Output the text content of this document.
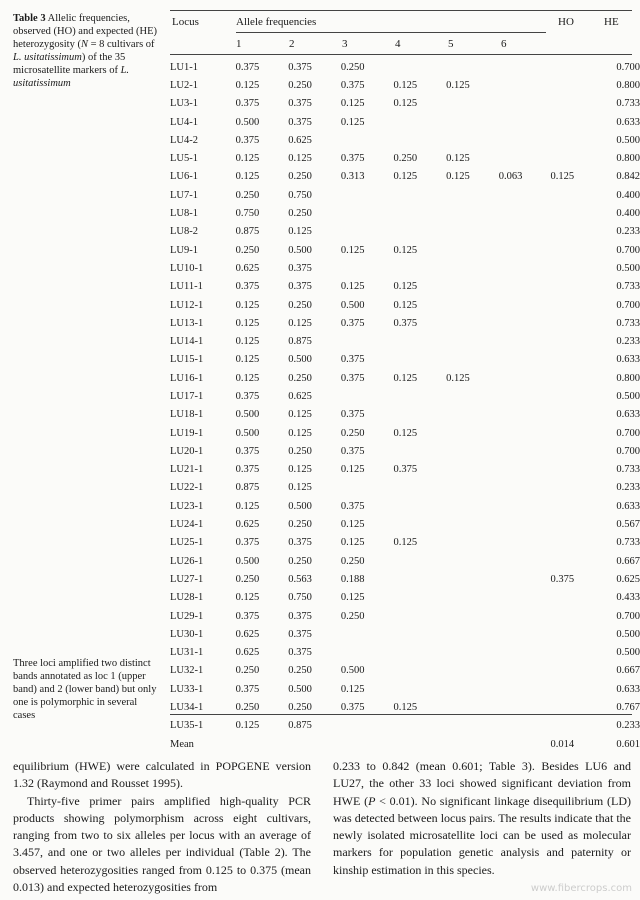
Table 3 Allelic frequencies, observed (HO) and expected (HE) heterozygosity (N = 8 cultivars of L. usitatissimum) of the 35 microsatellite markers of L. usitatissimum
Locus	Allele frequencies	HO	HE
1	2	3	4	5	6
LU1-1	0.375	0.375	0.250					0.700
LU2-1	0.125	0.250	0.375	0.125	0.125			0.800
LU3-1	0.375	0.375	0.125	0.125				0.733
LU4-1	0.500	0.375	0.125					0.633
LU4-2	0.375	0.625						0.500
LU5-1	0.125	0.125	0.375	0.250	0.125			0.800
LU6-1	0.125	0.250	0.313	0.125	0.125	0.063	0.125	0.842
LU7-1	0.250	0.750						0.400
LU8-1	0.750	0.250						0.400
LU8-2	0.875	0.125						0.233
LU9-1	0.250	0.500	0.125	0.125				0.700
LU10-1	0.625	0.375						0.500
LU11-1	0.375	0.375	0.125	0.125				0.733
LU12-1	0.125	0.250	0.500	0.125				0.700
LU13-1	0.125	0.125	0.375	0.375				0.733
LU14-1	0.125	0.875						0.233
LU15-1	0.125	0.500	0.375					0.633
LU16-1	0.125	0.250	0.375	0.125	0.125			0.800
LU17-1	0.375	0.625						0.500
LU18-1	0.500	0.125	0.375					0.633
LU19-1	0.500	0.125	0.250	0.125				0.700
LU20-1	0.375	0.250	0.375					0.700
LU21-1	0.375	0.125	0.125	0.375				0.733
LU22-1	0.875	0.125						0.233
LU23-1	0.125	0.500	0.375					0.633
LU24-1	0.625	0.250	0.125					0.567
LU25-1	0.375	0.375	0.125	0.125				0.733
LU26-1	0.500	0.250	0.250					0.667
LU27-1	0.250	0.563	0.188				0.375	0.625
LU28-1	0.125	0.750	0.125					0.433
LU29-1	0.375	0.375	0.250					0.700
LU30-1	0.625	0.375						0.500
LU31-1	0.625	0.375						0.500
LU32-1	0.250	0.250	0.500					0.667
LU33-1	0.375	0.500	0.125					0.633
LU34-1	0.250	0.250	0.375	0.125				0.767
LU35-1	0.125	0.875						0.233
Mean							0.014	0.601
Three loci amplified two distinct bands annotated as loc 1 (upper band) and 2 (lower band) but only one is polymorphic in several cases

equilibrium (HWE) were calculated in POPGENE version 1.32 (Raymond and Rousset 1995).

Thirty-five primer pairs amplified high-quality PCR products showing polymorphism across eight cultivars, ranging from two to six alleles per locus with an average of 3.457, and one or two alleles per individual (Table 2). The observed heterozygosities ranged from 0.125 to 0.375 (mean 0.013) and expected heterozygosities from

0.233 to 0.842 (mean 0.601; Table 3). Besides LU6 and LU27, the other 33 loci showed significant deviation from HWE (P < 0.01). No significant linkage disequilibrium (LD) was detected between locus pairs. The results indicate that the newly isolated microsatellite loci can be used as molecular markers for population genetic analysis and paternity or kinship estimation in this species.

www.fibercrops.com
